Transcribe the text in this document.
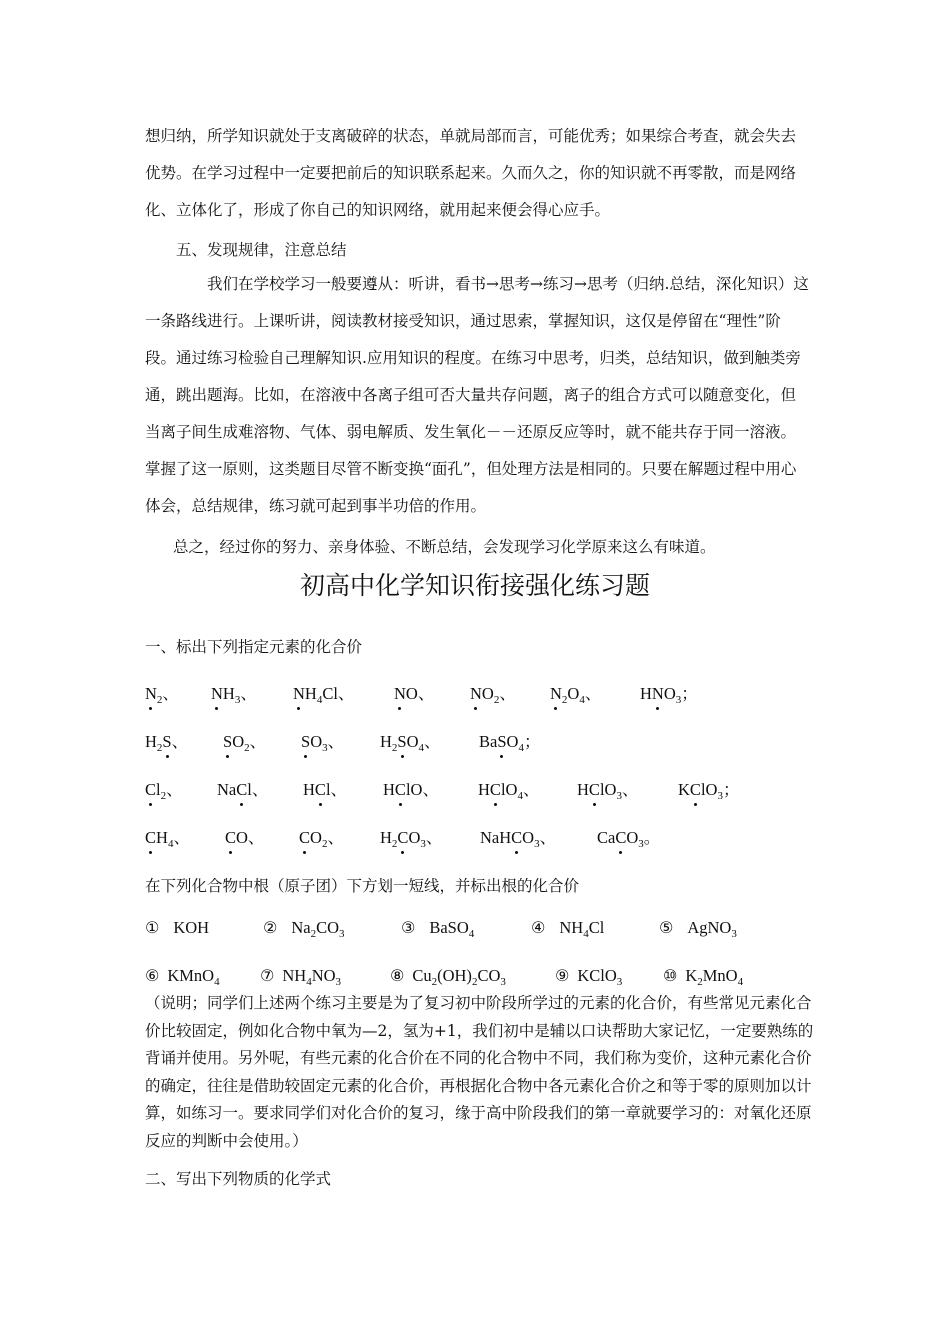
想归纳，所学知识就处于支离破碎的状态，单就局部而言，可能优秀；如果综合考查，就会失去优势。在学习过程中一定要把前后的知识联系起来。久而久之，你的知识就不再零散，而是网络化、立体化了，形成了你自己的知识网络，就用起来便会得心应手。

五、发现规律，注意总结

我们在学校学习一般要遵从：听讲，看书→思考→练习→思考（归纳.总结，深化知识）这一条路线进行。上课听讲，阅读教材接受知识，通过思索，掌握知识，这仅是停留在“理性”阶段。通过练习检验自己理解知识.应用知识的程度。在练习中思考，归类，总结知识，做到触类旁通，跳出题海。比如，在溶液中各离子组可否大量共存问题，离子的组合方式可以随意变化，但当离子间生成难溶物、气体、弱电解质、发生氧化－－还原反应等时，就不能共存于同一溶液。掌握了这一原则，这类题目尽管不断变换“面孔”，但处理方法是相同的。只要在解题过程中用心体会，总结规律，练习就可起到事半功倍的作用。

总之，经过你的努力、亲身体验、不断总结，会发现学习化学原来这么有味道。

初高中化学知识衔接强化练习题

一、标出下列指定元素的化合价

$N_2$、 $NH_3$、 $NH_4Cl$、 NO、 $NO_2$、 $N_2O_4$、 $HNO_3$；
$H_2S$、 $SO_2$、 $SO_3$、 $H_2SO_4$、 BaSO$_4$；
$Cl_2$、 NaCl、 HCl、 HClO、 HClO$_4$、 HClO$_3$、 KClO$_3$；
$CH_4$、 CO、 $CO_2$、 $H_2CO_3$、 NaHCO$_3$、 CaCO$_3$。

在下列化合物中根（原子团）下方划一短线，并标出根的化合价

① KOH	② $Na_2CO_3$	③ BaSO$_4$	④ $NH_4Cl$	⑤ AgNO$_3$
⑥ KMnO$_4$	⑦ $NH_4NO_3$	⑧ $Cu_2(OH)_2CO_3$	⑨ KClO$_3$	⑩ $K_2MnO_4$

（说明；同学们上述两个练习主要是为了复习初中阶段所学过的元素的化合价，有些常见元素化合价比较固定，例如化合物中氧为—2，氢为+1，我们初中是辅以口诀帮助大家记忆，一定要熟练的背诵并使用。另外呢，有些元素的化合价在不同的化合物中不同，我们称为变价，这种元素化合价的确定，往往是借助较固定元素的化合价，再根据化合物中各元素化合价之和等于零的原则加以计算，如练习一。要求同学们对化合价的复习，缘于高中阶段我们的第一章就要学习的：对氧化还原反应的判断中会使用。）

二、写出下列物质的化学式
